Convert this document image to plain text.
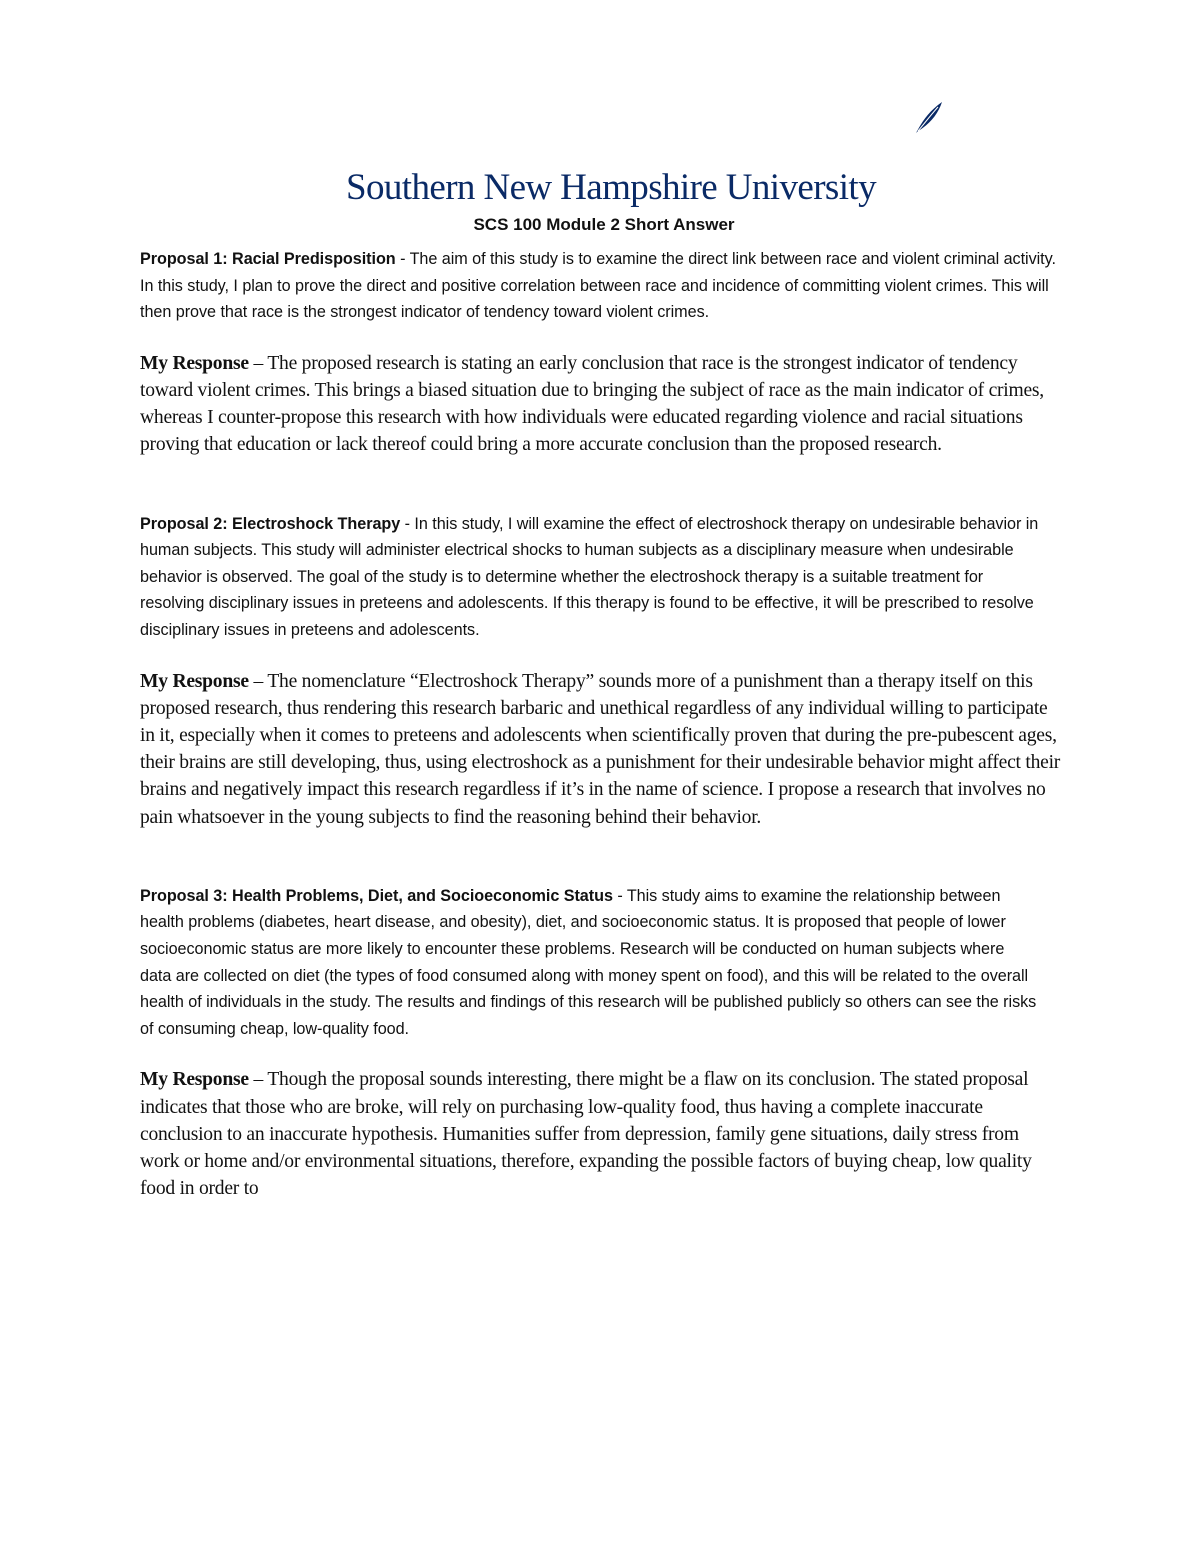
Southern New Hampshire University
SCS 100 Module 2 Short Answer

Proposal 1: Racial Predisposition - The aim of this study is to examine the direct link between race and violent criminal activity. In this study, I plan to prove the direct and positive correlation between race and incidence of committing violent crimes. This will then prove that race is the strongest indicator of tendency toward violent crimes.

My Response – The proposed research is stating an early conclusion that race is the strongest indicator of tendency toward violent crimes. This brings a biased situation due to bringing the subject of race as the main indicator of crimes, whereas I counter-propose this research with how individuals were educated regarding violence and racial situations proving that education or lack thereof could bring a more accurate conclusion than the proposed research.

Proposal 2: Electroshock Therapy - In this study, I will examine the effect of electroshock therapy on undesirable behavior in human subjects. This study will administer electrical shocks to human subjects as a disciplinary measure when undesirable behavior is observed. The goal of the study is to determine whether the electroshock therapy is a suitable treatment for resolving disciplinary issues in preteens and adolescents. If this therapy is found to be effective, it will be prescribed to resolve disciplinary issues in preteens and adolescents.

My Response – The nomenclature “Electroshock Therapy” sounds more of a punishment than a therapy itself on this proposed research, thus rendering this research barbaric and unethical regardless of any individual willing to participate in it, especially when it comes to preteens and adolescents when scientifically proven that during the pre-pubescent ages, their brains are still developing, thus, using electroshock as a punishment for their undesirable behavior might affect their brains and negatively impact this research regardless if it’s in the name of science. I propose a research that involves no pain whatsoever in the young subjects to find the reasoning behind their behavior.

Proposal 3: Health Problems, Diet, and Socioeconomic Status - This study aims to examine the relationship between health problems (diabetes, heart disease, and obesity), diet, and socioeconomic status. It is proposed that people of lower socioeconomic status are more likely to encounter these problems. Research will be conducted on human subjects where data are collected on diet (the types of food consumed along with money spent on food), and this will be related to the overall health of individuals in the study. The results and findings of this research will be published publicly so others can see the risks of consuming cheap, low-quality food.

My Response – Though the proposal sounds interesting, there might be a flaw on its conclusion. The stated proposal indicates that those who are broke, will rely on purchasing low-quality food, thus having a complete inaccurate conclusion to an inaccurate hypothesis. Humanities suffer from depression, family gene situations, daily stress from work or home and/or environmental situations, therefore, expanding the possible factors of buying cheap, low quality food in order to
